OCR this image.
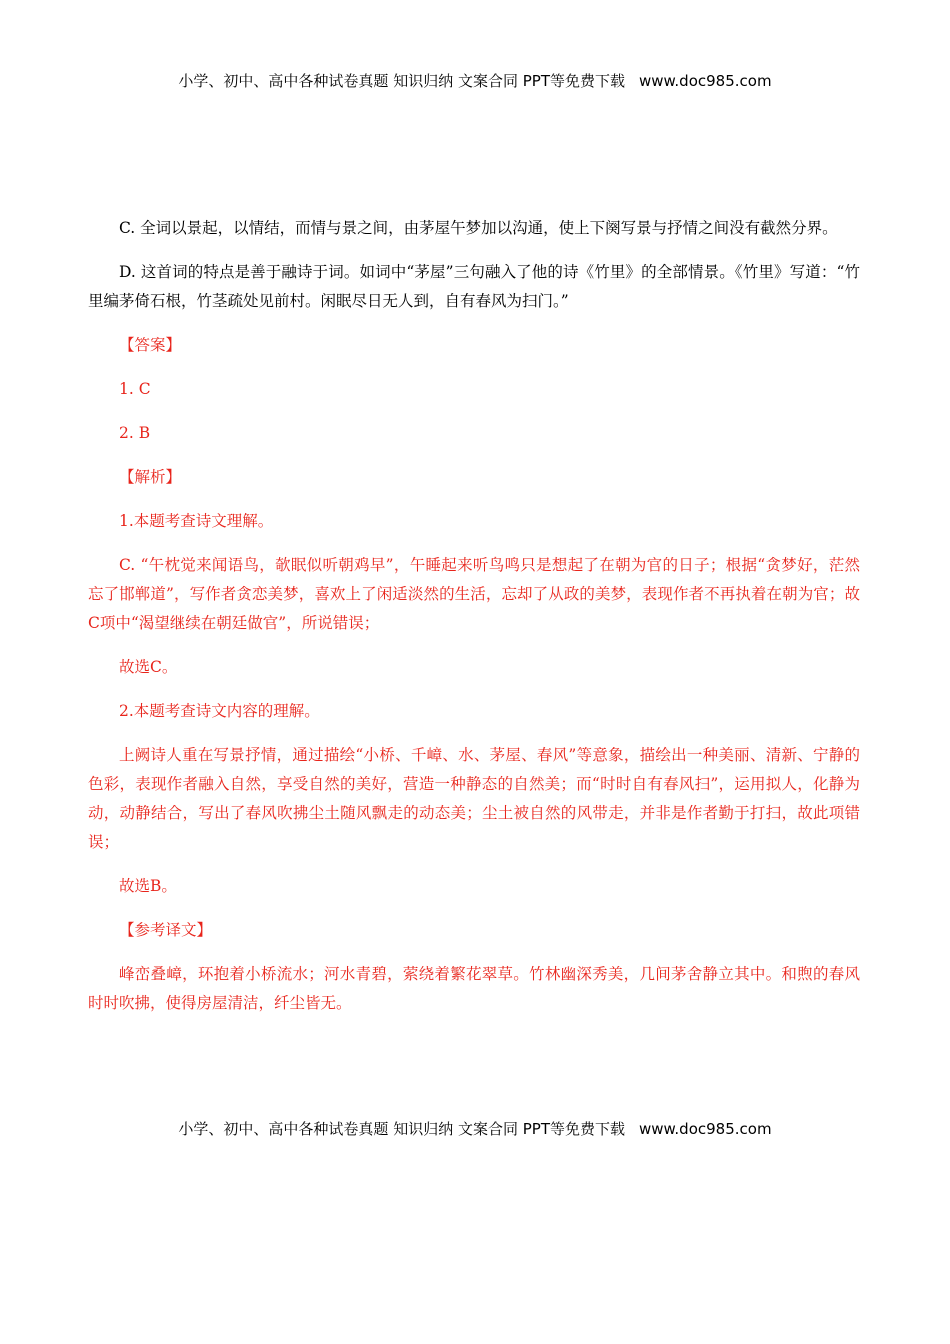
小学、初中、高中各种试卷真题 知识归纳 文案合同 PPT等免费下载 www.doc985.com

C. 全词以景起，以情结，而情与景之间，由茅屋午梦加以沟通，使上下阕写景与抒情之间没有截然分界。

D. 这首词的特点是善于融诗于词。如词中“茅屋”三句融入了他的诗《竹里》的全部情景。《竹里》写道：“竹里编茅倚石根，竹茎疏处见前村。闲眠尽日无人到，自有春风为扫门。”

【答案】

1. C

2. B

【解析】

1.本题考查诗文理解。

C. “午枕觉来闻语鸟，欹眠似听朝鸡早”，午睡起来听鸟鸣只是想起了在朝为官的日子；根据“贪梦好，茫然忘了邯郸道”，写作者贪恋美梦，喜欢上了闲适淡然的生活，忘却了从政的美梦，表现作者不再执着在朝为官；故C项中“渴望继续在朝廷做官”，所说错误；

故选C。

2.本题考查诗文内容的理解。

上阙诗人重在写景抒情，通过描绘“小桥、千嶂、水、茅屋、春风”等意象，描绘出一种美丽、清新、宁静的色彩，表现作者融入自然，享受自然的美好，营造一种静态的自然美；而“时时自有春风扫”，运用拟人，化静为动，动静结合，写出了春风吹拂尘土随风飘走的动态美；尘土被自然的风带走，并非是作者勤于打扫，故此项错误；

故选B。

【参考译文】

峰峦叠嶂，环抱着小桥流水；河水青碧，萦绕着繁花翠草。竹林幽深秀美，几间茅舍静立其中。和煦的春风时时吹拂，使得房屋清洁，纤尘皆无。

小学、初中、高中各种试卷真题 知识归纳 文案合同 PPT等免费下载 www.doc985.com
